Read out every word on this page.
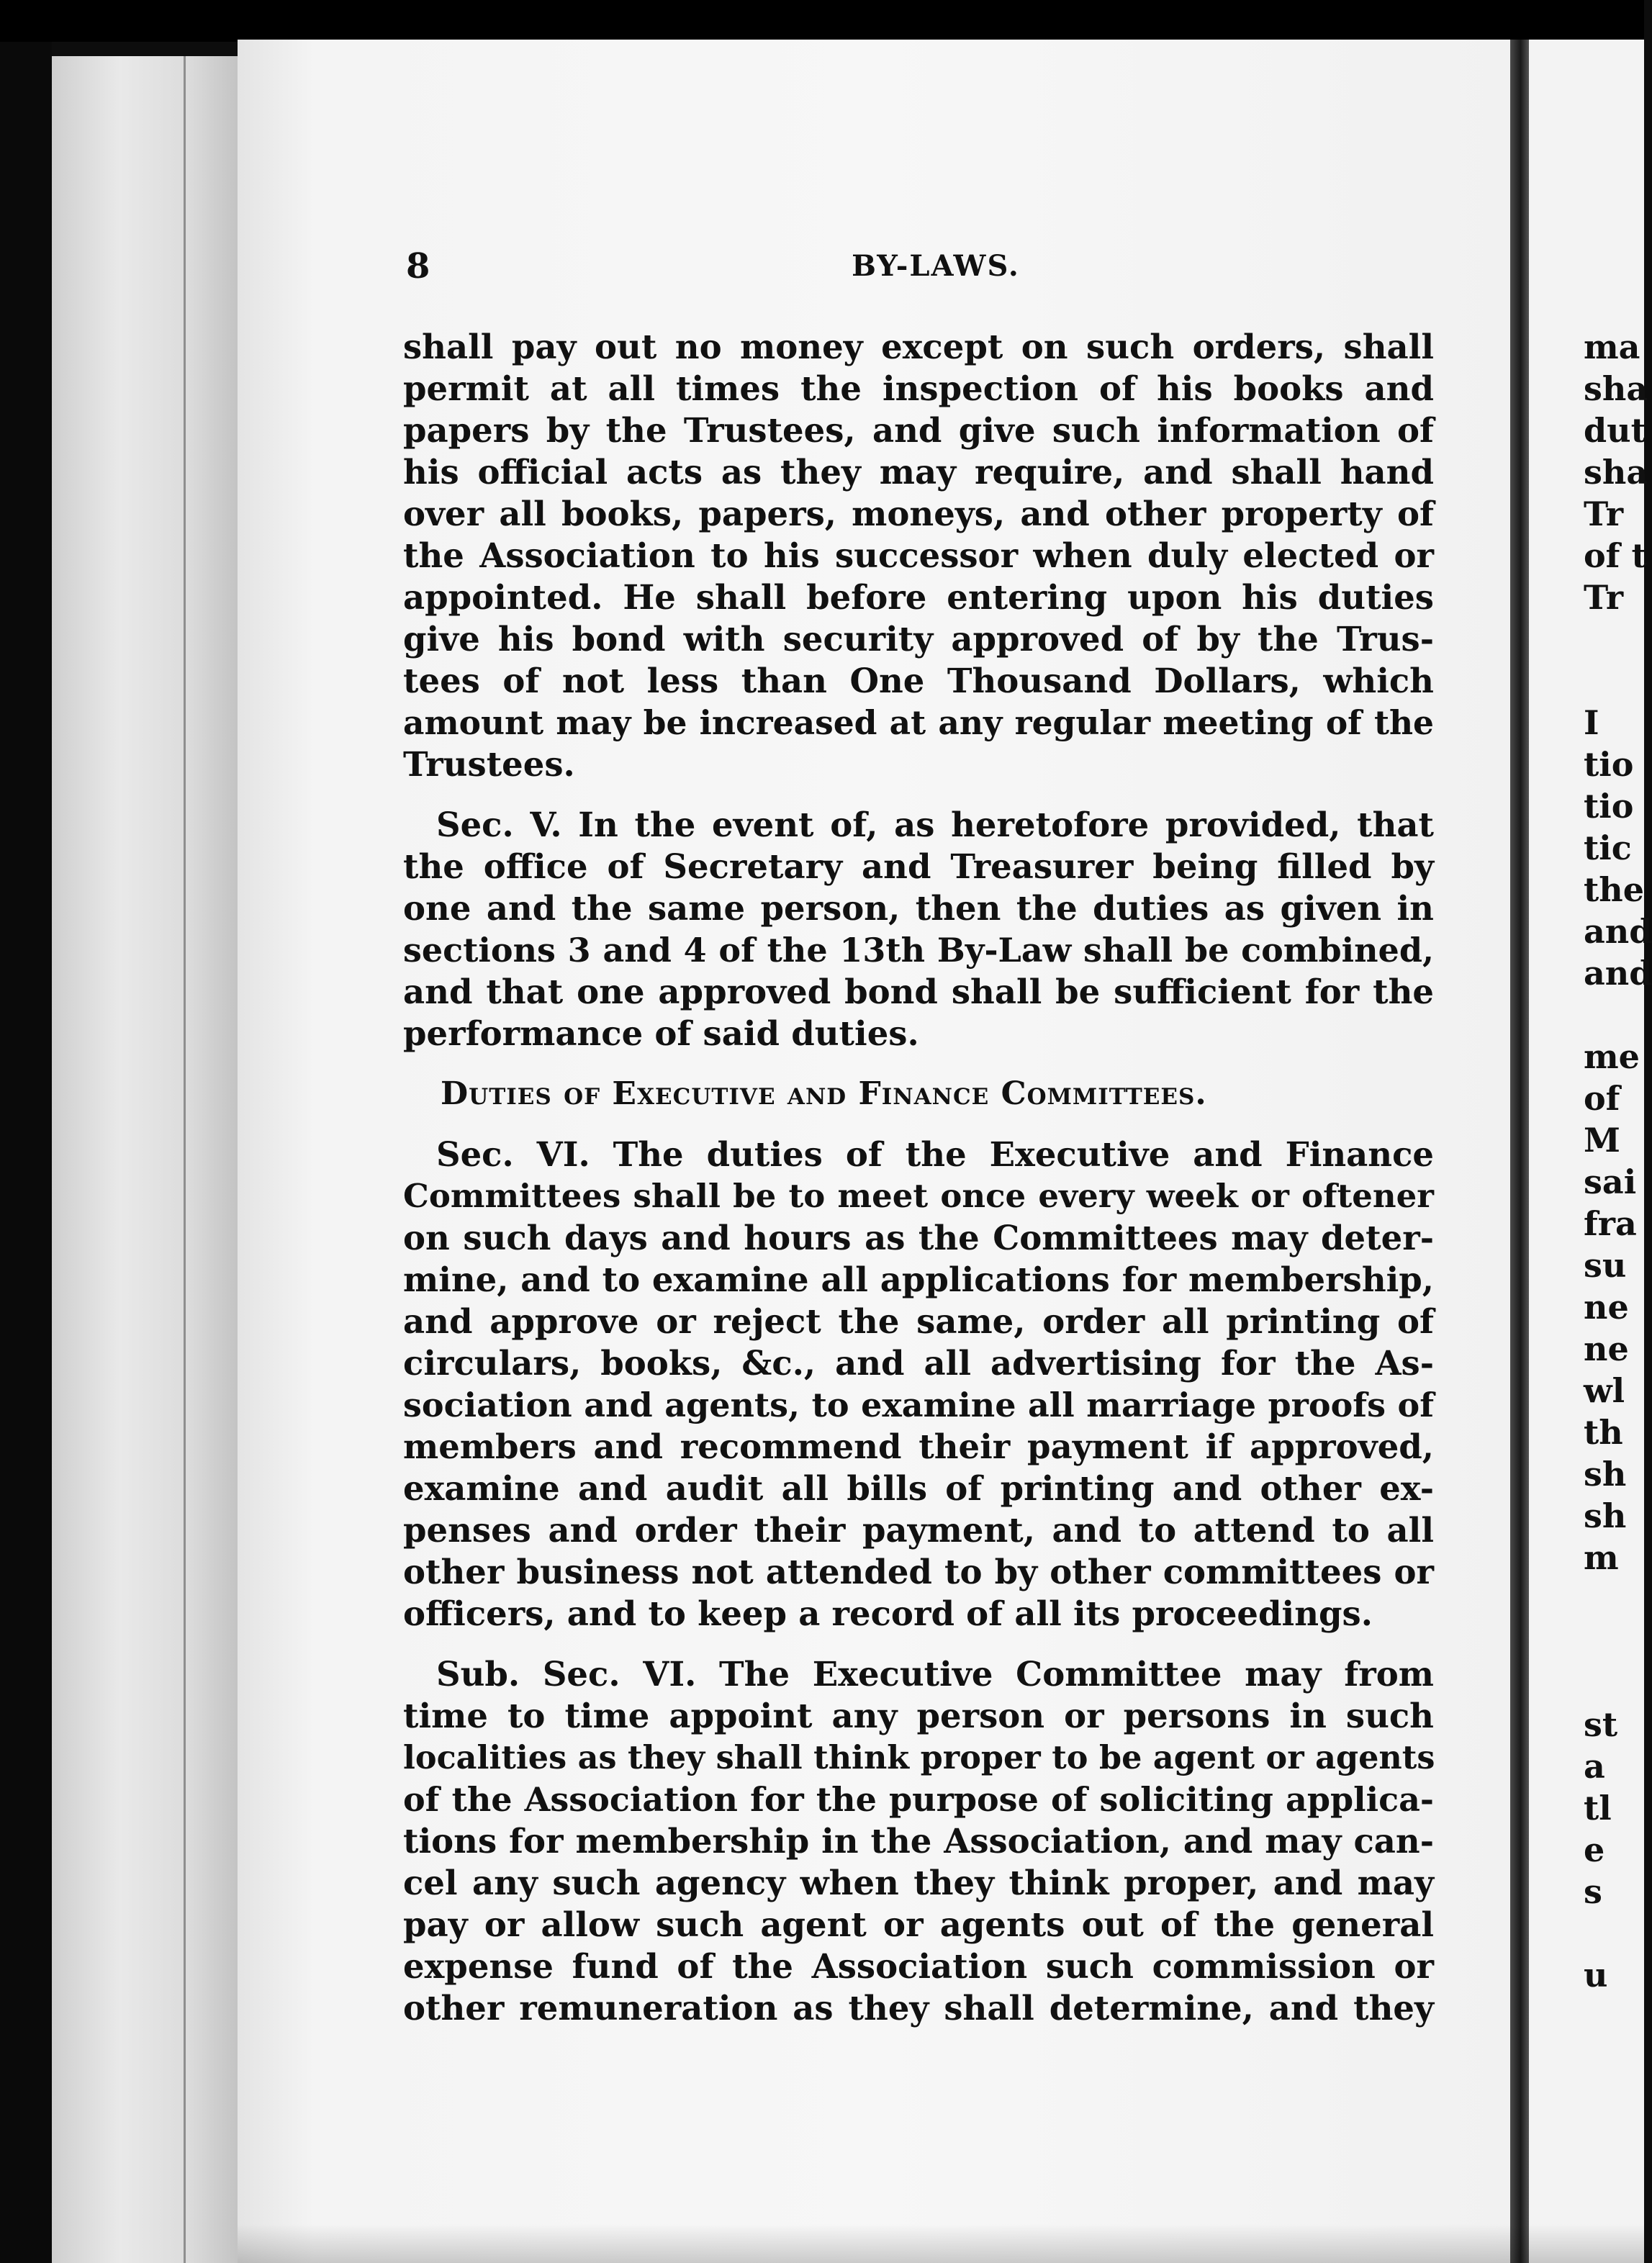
8	BY-LAWS.
shall pay out no money except on such orders, shall
permit at all times the inspection of his books and
papers by the Trustees, and give such information of
his official acts as they may require, and shall hand
over all books, papers, moneys, and other property of
the Association to his successor when duly elected or
appointed. He shall before entering upon his duties
give his bond with security approved of by the Trus-
tees of not less than One Thousand Dollars, which
amount may be increased at any regular meeting of the
Trustees.
Sec. V. In the event of, as heretofore provided, that
the office of Secretary and Treasurer being filled by
one and the same person, then the duties as given in
sections 3 and 4 of the 13th By-Law shall be combined,
and that one approved bond shall be sufficient for the
performance of said duties.
Duties of Executive and Finance Committees.
Sec. VI. The duties of the Executive and Finance
Committees shall be to meet once every week or oftener
on such days and hours as the Committees may deter-
mine, and to examine all applications for membership,
and approve or reject the same, order all printing of
circulars, books, &c., and all advertising for the As-
sociation and agents, to examine all marriage proofs of
members and recommend their payment if approved,
examine and audit all bills of printing and other ex-
penses and order their payment, and to attend to all
other business not attended to by other committees or
officers, and to keep a record of all its proceedings.
Sub. Sec. VI. The Executive Committee may from
time to time appoint any person or persons in such
localities as they shall think proper to be agent or agents
of the Association for the purpose of soliciting applica-
tions for membership in the Association, and may can-
cel any such agency when they think proper, and may
pay or allow such agent or agents out of the general
expense fund of the Association such commission or
other remuneration as they shall determine, and they
ma
sha
dut
sha
Tr
of t
Tr
I
tio
tio
tic
the
and
and
me
of
M
sai
fra
su
ne
ne
wl
th
sh
sh
m
st
a
tl
e
s
u
